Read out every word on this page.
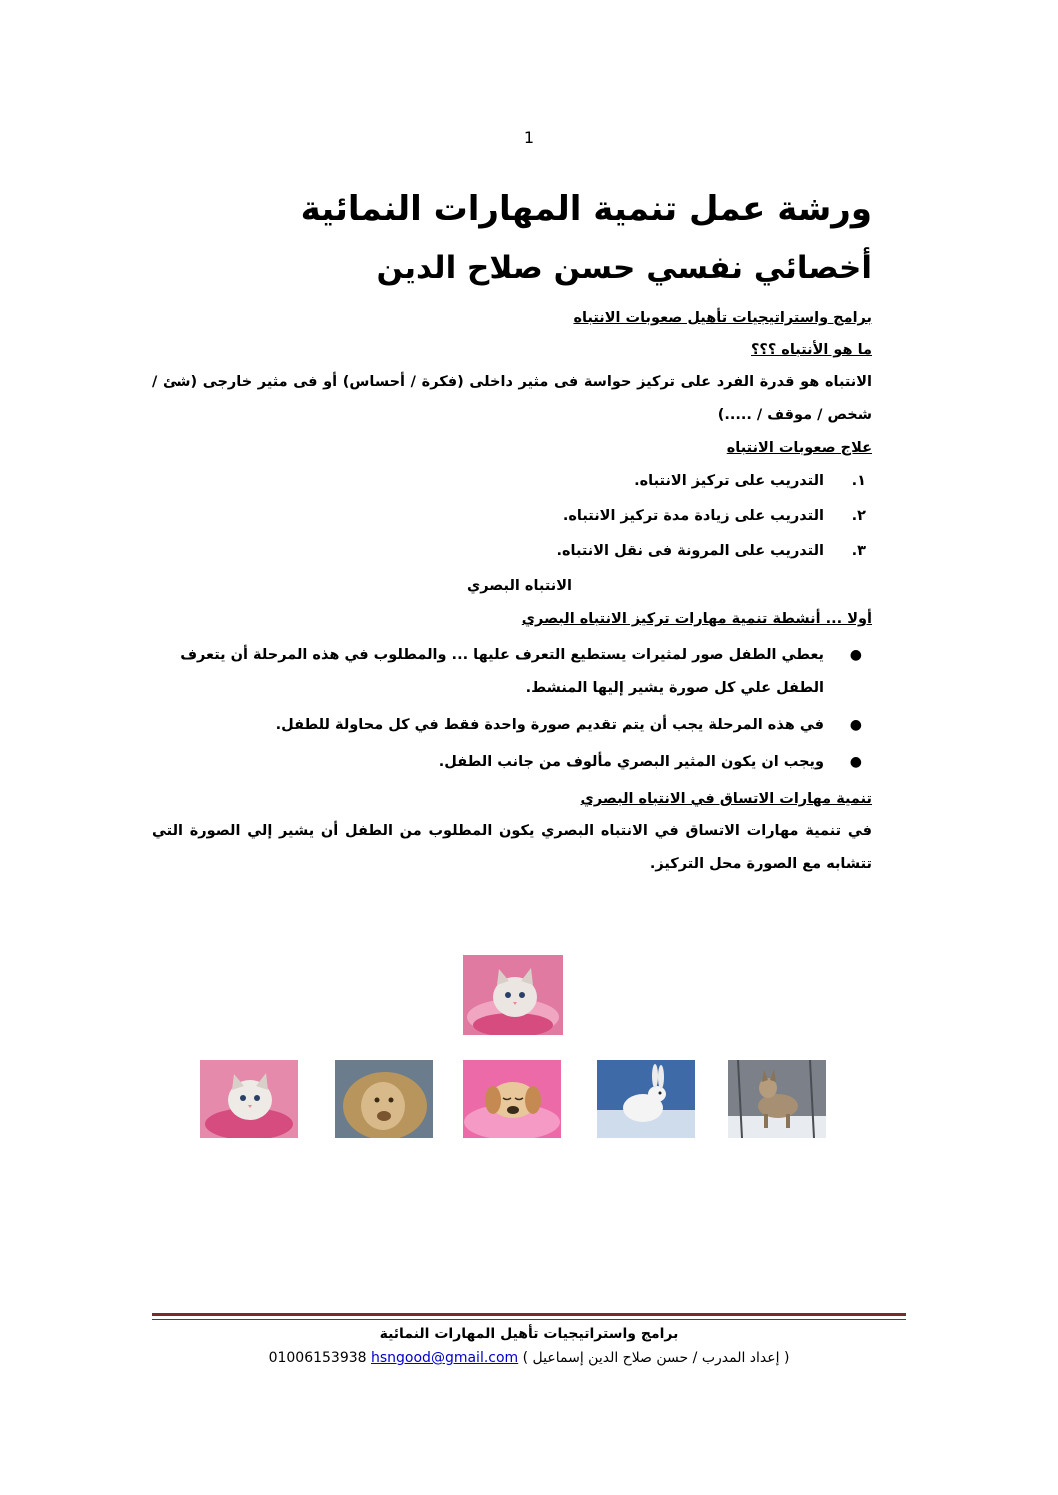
1
ورشة عمل تنمية المهارات النمائية
أخصائي نفسي حسن صلاح الدين

برامج واستراتيجيات تأهيل صعوبات الانتباه

ما هو الأنتباه ؟؟؟

الانتباه هو قدرة الفرد على تركيز حواسة فى مثير داخلى (فكرة / أحساس) أو فى مثير خارجى (شئ / شخص / موقف / .....)

علاج صعوبات الانتباه

١.
التدريب على تركيز الانتباه.
٢.
التدريب على زيادة مدة تركيز الانتباه.
٣.
التدريب على المرونة فى نقل الانتباه.

الانتباه البصري

أولا ... أنشطة تنمية مهارات تركيز الانتباه البصري

●
يعطي الطفل صور لمثيرات يستطيع التعرف عليها ... والمطلوب في هذه المرحلة أن يتعرف الطفل علي كل صورة يشير إليها المنشط.
●
في هذه المرحلة يجب أن يتم تقديم صورة واحدة فقط في كل محاولة للطفل.
●
ويجب ان يكون المثير البصري مألوف من جانب الطفل.

تنمية مهارات الاتساق في الانتباه البصري

في تنمية مهارات الاتساق في الانتباه البصري يكون المطلوب من الطفل أن يشير إلي الصورة التي تتشابه مع الصورة محل التركيز.

برامج واستراتيجيات تأهيل المهارات النمائية
( إعداد المدرب / حسن صلاح الدين إسماعيل ) 01006153938 hsngood@gmail.com
